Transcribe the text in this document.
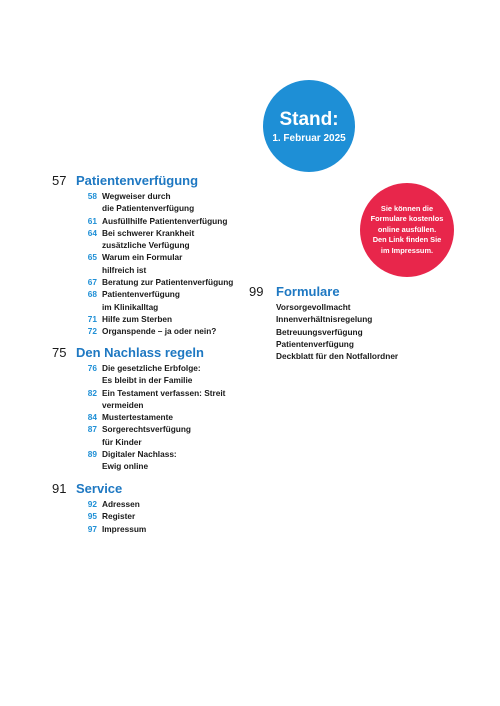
Stand:
1. Februar 2025
Sie können die Formulare kostenlos online ausfüllen. Den Link finden Sie im Impressum.
57 Patientenverfügung
58 Wegweiser durch
die Patientenverfügung
61 Ausfüllhilfe Patientenverfügung
64 Bei schwerer Krankheit
zusätzliche Verfügung
65 Warum ein Formular
hilfreich ist
67 Beratung zur Patientenverfügung
68 Patientenverfügung
im Klinikalltag
71 Hilfe zum Sterben
72 Organspende – ja oder nein?
75 Den Nachlass regeln
76 Die gesetzliche Erbfolge:
Es bleibt in der Familie
82 Ein Testament verfassen: Streit
vermeiden
84 Mustertestamente
87 Sorgerechtsverfügung
für Kinder
89 Digitaler Nachlass:
Ewig online
91 Service
92 Adressen
95 Register
97 Impressum
99 Formulare
Vorsorgevollmacht
Innenverhältnisregelung
Betreuungsverfügung
Patientenverfügung
Deckblatt für den Notfallordner
